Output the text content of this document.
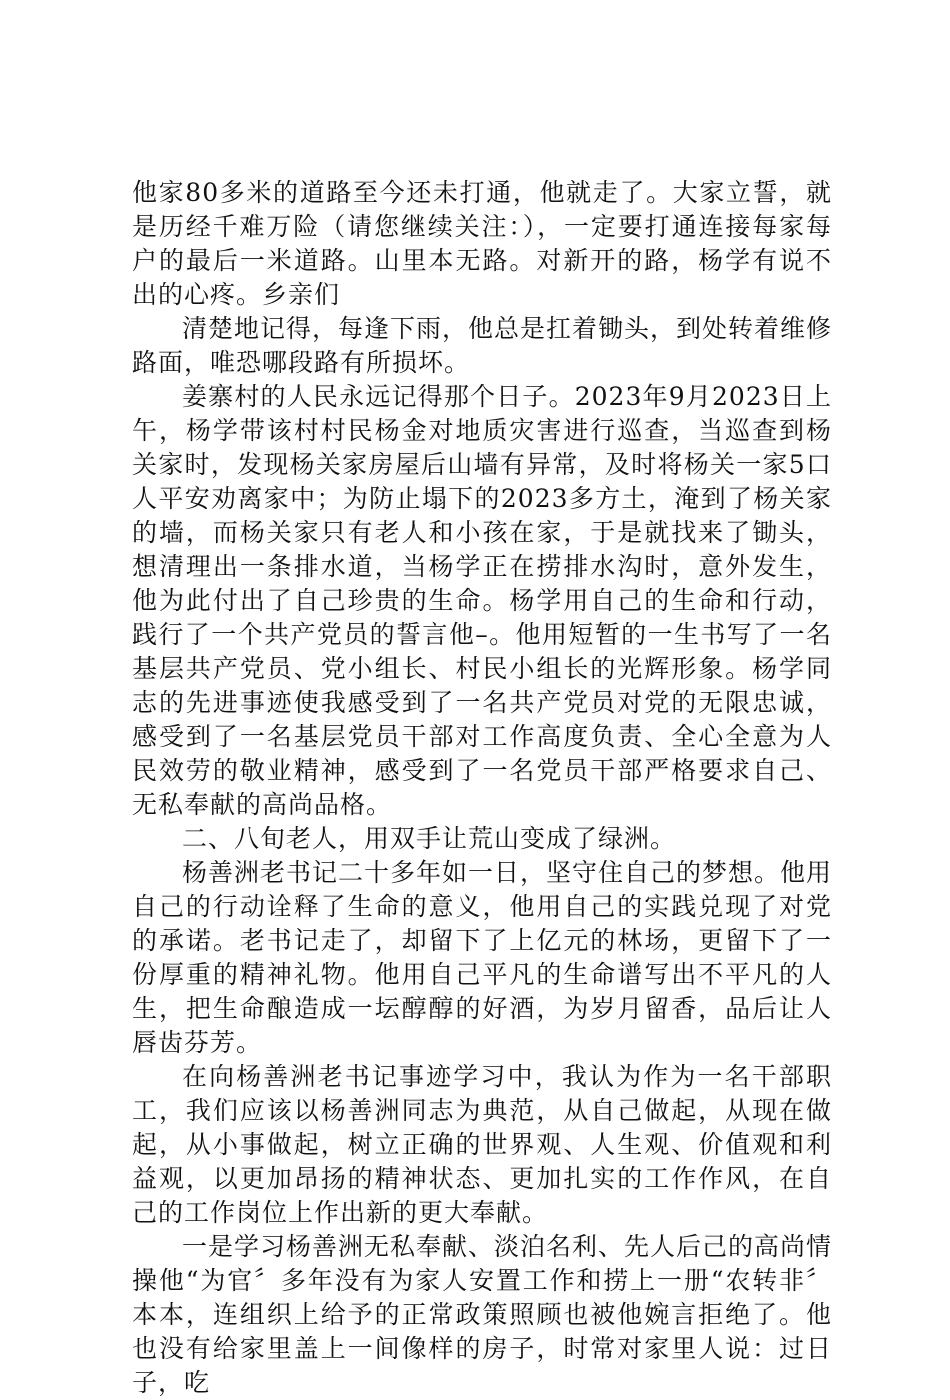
他家80多米的道路至今还未打通，他就走了。大家立誓，就是历经千难万险（请您继续关注：），一定要打通连接每家每户的最后一米道路。山里本无路。对新开的路，杨学有说不出的心疼。乡亲们

清楚地记得，每逢下雨，他总是扛着锄头，到处转着维修路面，唯恐哪段路有所损坏。

姜寨村的人民永远记得那个日子。2023年9月2023日上午，杨学带该村村民杨金对地质灾害进行巡查，当巡查到杨关家时，发现杨关家房屋后山墙有异常，及时将杨关一家5口人平安劝离家中；为防止塌下的2023多方土，淹到了杨关家的墙，而杨关家只有老人和小孩在家，于是就找来了锄头，想清理出一条排水道，当杨学正在捞排水沟时，意外发生，他为此付出了自己珍贵的生命。杨学用自己的生命和行动，践行了一个共产党员的誓言他–。他用短暂的一生书写了一名基层共产党员、党小组长、村民小组长的光辉形象。杨学同志的先进事迹使我感受到了一名共产党员对党的无限忠诚，感受到了一名基层党员干部对工作高度负责、全心全意为人民效劳的敬业精神，感受到了一名党员干部严格要求自己、无私奉献的高尚品格。

二、八旬老人，用双手让荒山变成了绿洲。

杨善洲老书记二十多年如一日，坚守住自己的梦想。他用自己的行动诠释了生命的意义，他用自己的实践兑现了对党的承诺。老书记走了，却留下了上亿元的林场，更留下了一份厚重的精神礼物。他用自己平凡的生命谱写出不平凡的人生，把生命酿造成一坛醇醇的好酒，为岁月留香，品后让人唇齿芬芳。

在向杨善洲老书记事迹学习中，我认为作为一名干部职工，我们应该以杨善洲同志为典范，从自己做起，从现在做起，从小事做起，树立正确的世界观、人生观、价值观和利益观，以更加昂扬的精神状态、更加扎实的工作作风，在自己的工作岗位上作出新的更大奉献。

一是学习杨善洲无私奉献、淡泊名利、先人后己的高尚情操他“为官〞多年没有为家人安置工作和捞上一册“农转非〞本本，连组织上给予的正常政策照顾也被他婉言拒绝了。他也没有给家里盖上一间像样的房子，时常对家里人说：过日子，吃
